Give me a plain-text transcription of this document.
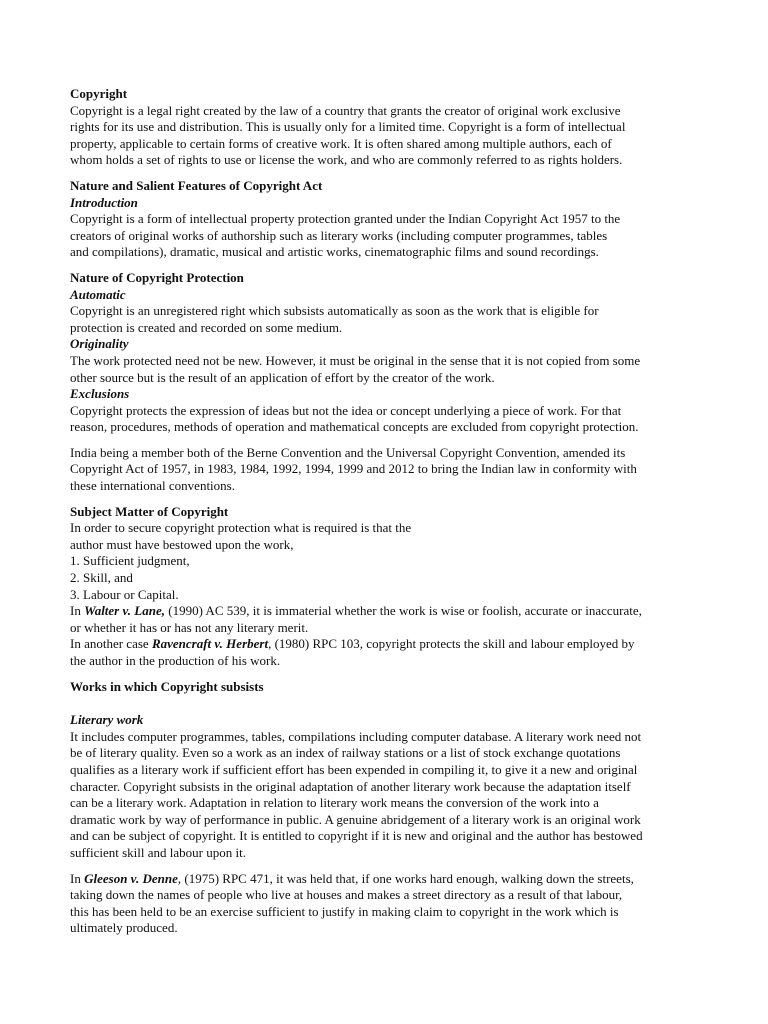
Copyright
Copyright is a legal right created by the law of a country that grants the creator of original work exclusive
rights for its use and distribution. This is usually only for a limited time. Copyright is a form of intellectual
property, applicable to certain forms of creative work. It is often shared among multiple authors, each of
whom holds a set of rights to use or license the work, and who are commonly referred to as rights holders.
Nature and Salient Features of Copyright Act
Introduction
Copyright is a form of intellectual property protection granted under the Indian Copyright Act 1957 to the
creators of original works of authorship such as literary works (including computer programmes, tables
and compilations), dramatic, musical and artistic works, cinematographic films and sound recordings.
Nature of Copyright Protection
Automatic
Copyright is an unregistered right which subsists automatically as soon as the work that is eligible for
protection is created and recorded on some medium.
Originality
The work protected need not be new. However, it must be original in the sense that it is not copied from some
other source but is the result of an application of effort by the creator of the work.
Exclusions
Copyright protects the expression of ideas but not the idea or concept underlying a piece of work. For that
reason, procedures, methods of operation and mathematical concepts are excluded from copyright protection.
India being a member both of the Berne Convention and the Universal Copyright Convention, amended its
Copyright Act of 1957, in 1983, 1984, 1992, 1994, 1999 and 2012 to bring the Indian law in conformity with
these international conventions.
Subject Matter of Copyright
In order to secure copyright protection what is required is that the
author must have bestowed upon the work,
1. Sufficient judgment,
2. Skill, and
3. Labour or Capital.
In Walter v. Lane, (1990) AC 539, it is immaterial whether the work is wise or foolish, accurate or inaccurate,
or whether it has or has not any literary merit.
In another case Ravencraft v. Herbert, (1980) RPC 103, copyright protects the skill and labour employed by
the author in the production of his work.
Works in which Copyright subsists
Literary work
It includes computer programmes, tables, compilations including computer database. A literary work need not
be of literary quality. Even so a work as an index of railway stations or a list of stock exchange quotations
qualifies as a literary work if sufficient effort has been expended in compiling it, to give it a new and original
character. Copyright subsists in the original adaptation of another literary work because the adaptation itself
can be a literary work. Adaptation in relation to literary work means the conversion of the work into a
dramatic work by way of performance in public. A genuine abridgement of a literary work is an original work
and can be subject of copyright. It is entitled to copyright if it is new and original and the author has bestowed
sufficient skill and labour upon it.
In Gleeson v. Denne, (1975) RPC 471, it was held that, if one works hard enough, walking down the streets,
taking down the names of people who live at houses and makes a street directory as a result of that labour,
this has been held to be an exercise sufficient to justify in making claim to copyright in the work which is
ultimately produced.
